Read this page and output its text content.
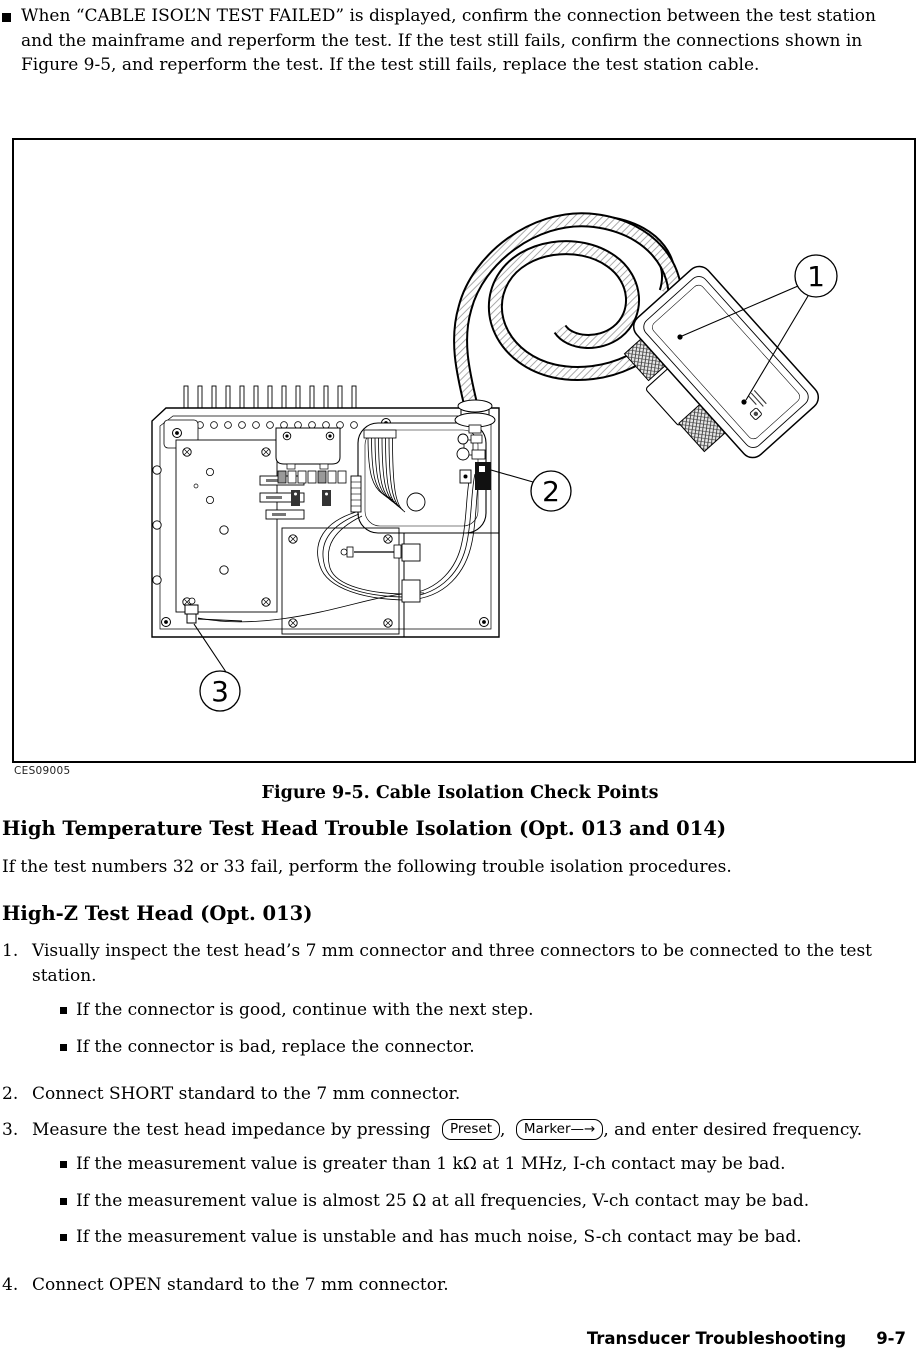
When “CABLE ISOL’N TEST FAILED” is displayed, confirm the connection between the test station and the mainframe and reperform the test. If the test still fails, confirm the connections shown in Figure 9-5, and reperform the test. If the test still fails, replace the test station cable.

1
2
3
CES09005
Figure 9-5. Cable Isolation Check Points
High Temperature Test Head Trouble Isolation (Opt. 013 and 014)

If the test numbers 32 or 33 fail, perform the following trouble isolation procedures.

High-Z Test Head (Opt. 013)
1. Visually inspect the test head’s 7 mm connector and three connectors to be connected to the test station.
If the connector is good, continue with the next step.
If the connector is bad, replace the connector.
2. Connect SHORT standard to the 7 mm connector.
3. Measure the test head impedance by pressing Preset , Marker—→ , and enter desired frequency.
If the measurement value is greater than 1 kΩ at 1 MHz, I-ch contact may be bad.
If the measurement value is almost 25 Ω at all frequencies, V-ch contact may be bad.
If the measurement value is unstable and has much noise, S-ch contact may be bad.
4. Connect OPEN standard to the 7 mm connector.
Transducer Troubleshooting 9-7
